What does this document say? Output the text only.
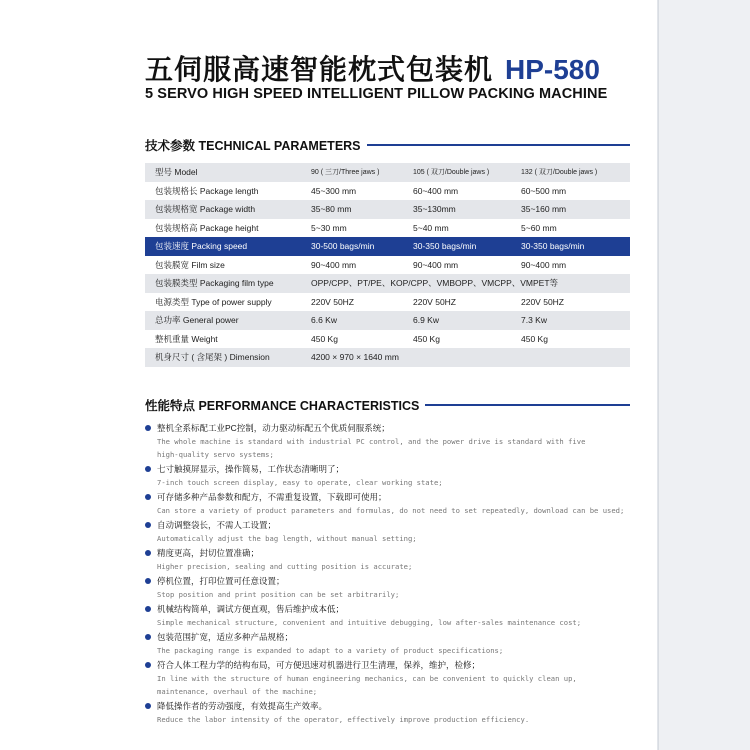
五伺服高速智能枕式包装机 HP-580
5 SERVO HIGH SPEED INTELLIGENT PILLOW PACKING MACHINE
技术参数 TECHNICAL PARAMETERS
型号 Model	90 ( 三刀/Three jaws )	105 ( 双刀/Double jaws )	132 ( 双刀/Double jaws )
包装规格长 Package length	45~300 mm	60~400 mm	60~500 mm
包装规格宽 Package width	35~80 mm	35~130mm	35~160 mm
包装规格高 Package height	5~30 mm	5~40 mm	5~60 mm
包装速度 Packing speed	30-500 bags/min	30-350 bags/min	30-350 bags/min
包装膜宽 Film size	90~400 mm	90~400 mm	90~400 mm
包装膜类型 Packaging film type	OPP/CPP、PT/PE、KOP/CPP、VMBOPP、VMCPP、VMPET等		
电源类型 Type of power supply	220V 50HZ	220V 50HZ	220V 50HZ
总功率 General power	6.6 Kw	6.9 Kw	7.3 Kw
整机重量 Weight	450 Kg	450 Kg	450 Kg
机身尺寸 ( 含尾架 ) Dimension	4200 × 970 × 1640 mm		
性能特点 PERFORMANCE CHARACTERISTICS
整机全系标配工业PC控制，动力驱动标配五个优质伺服系统；
The whole machine is standard with industrial PC control, and the power drive is standard with five
high-quality servo systems;
七寸触摸屏显示，操作简易，工作状态清晰明了；
7-inch touch screen display, easy to operate, clear working state;
可存储多种产品参数和配方，不需重复设置，下载即可使用；
Can store a variety of product parameters and formulas, do not need to set repeatedly, download can be used;
自动调整袋长，不需人工设置；
Automatically adjust the bag length, without manual setting;
精度更高，封切位置准确；
Higher precision, sealing and cutting position is accurate;
停机位置，打印位置可任意设置；
Stop position and print position can be set arbitrarily;
机械结构简单，调试方便直观，售后维护成本低；
Simple mechanical structure, convenient and intuitive debugging, low after-sales maintenance cost;
包装范围扩宽，适应多种产品规格；
The packaging range is expanded to adapt to a variety of product specifications;
符合人体工程力学的结构布局，可方便迅速对机器进行卫生清理，保养，维护，检修；
In line with the structure of human engineering mechanics, can be convenient to quickly clean up,
maintenance, overhaul of the machine;
降低操作者的劳动强度，有效提高生产效率。
Reduce the labor intensity of the operator, effectively improve production efficiency.
